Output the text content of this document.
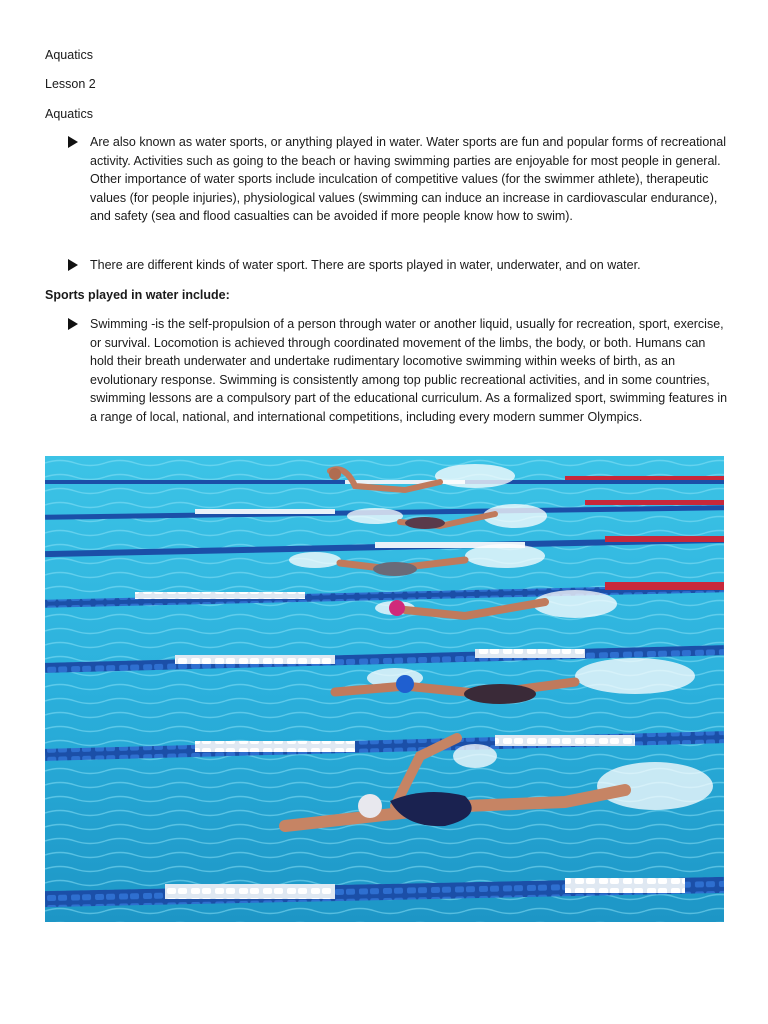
Aquatics
Lesson 2
Aquatics
Are also known as water sports, or anything played in water. Water sports are fun and popular forms of recreational activity. Activities such as going to the beach or having swimming parties are enjoyable for most people in general. Other importance of water sports include inculcation of competitive values (for the swimmer athlete), therapeutic values (for people injuries), physiological values (swimming can induce an increase in cardiovascular endurance), and safety (sea and flood casualties can be avoided if more people know how to swim).
There are different kinds of water sport. There are sports played in water, underwater, and on water.
Sports played in water include:
Swimming -is the self-propulsion of a person through water or another liquid, usually for recreation, sport, exercise, or survival. Locomotion is achieved through coordinated movement of the limbs, the body, or both. Humans can hold their breath underwater and undertake rudimentary locomotive swimming within weeks of birth, as an evolutionary response. Swimming is consistently among top public recreational activities, and in some countries, swimming lessons are a compulsory part of the educational curriculum. As a formalized sport, swimming features in a range of local, national, and international competitions, including every modern summer Olympics.
